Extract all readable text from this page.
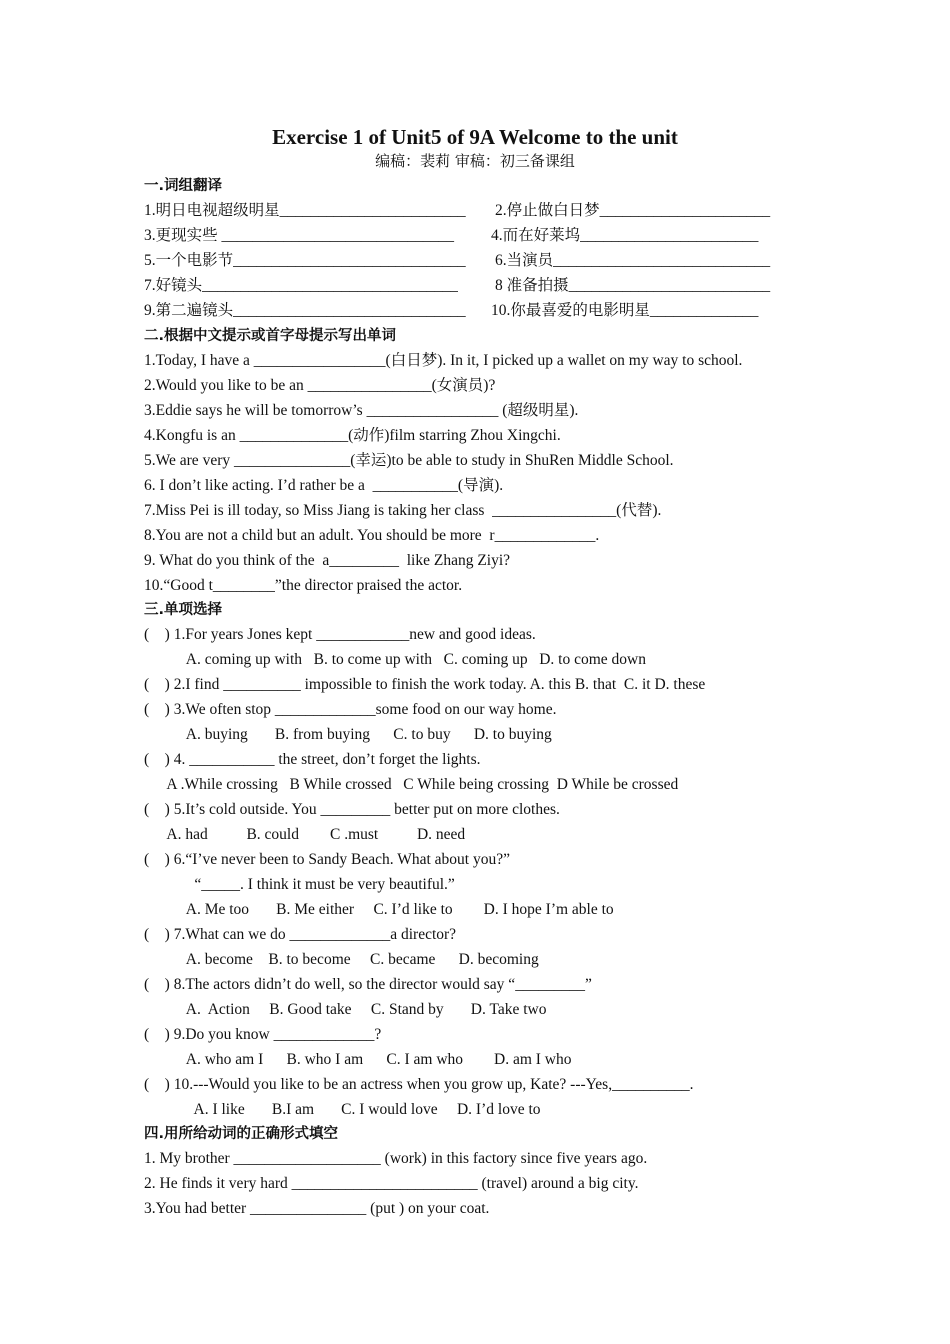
Exercise 1 of Unit5 of 9A Welcome to the unit
编稿：裴莉 审稿：初三备课组
一.词组翻译
1.明日电视超级明星________________________ 2.停止做白日梦______________________
3.更现实些 ______________________________ 4.而在好莱坞_______________________
5.一个电影节______________________________ 6.当演员____________________________
7.好镜头_________________________________ 8 准备拍摄__________________________
9.第二遍镜头______________________________ 10.你最喜爱的电影明星______________
二.根据中文提示或首字母提示写出单词
1.Today, I have a _________________(白日梦). In it, I picked up a wallet on my way to school.
2.Would you like to be an ________________(女演员)?
3.Eddie says he will be tomorrow’s _________________ (超级明星).
4.Kongfu is an ______________(动作)film starring Zhou Xingchi.
5.We are very _______________(幸运)to be able to study in ShuRen Middle School.
6. I don’t like acting. I’d rather be a  ___________(导演).
7.Miss Pei is ill today, so Miss Jiang is taking her class  ________________(代替).
8.You are not a child but an adult. You should be more  r_____________.
9. What do you think of the  a_________  like Zhang Ziyi?
10.“Good t________”the director praised the actor.
三.单项选择
(    ) 1.For years Jones kept ____________new and good ideas.
A. coming up with   B. to come up with   C. coming up   D. to come down
(    ) 2.I find __________ impossible to finish the work today. A. this B. that  C. it D. these
(    ) 3.We often stop _____________some food on our way home.
A. buying       B. from buying      C. to buy      D. to buying
(    ) 4. ___________ the street, don’t forget the lights.
A .While crossing   B While crossed   C While being crossing  D While be crossed
(    ) 5.It’s cold outside. You _________ better put on more clothes.
A. had          B. could        C .must          D. need
(    ) 6.“I’ve never been to Sandy Beach. What about you?”
“_____. I think it must be very beautiful.”
A. Me too       B. Me either     C. I’d like to        D. I hope I’m able to
(    ) 7.What can we do _____________a director?
A. become    B. to become     C. became      D. becoming
(    ) 8.The actors didn’t do well, so the director would say “_________”
A.  Action     B. Good take     C. Stand by       D. Take two
(    ) 9.Do you know _____________?
A. who am I      B. who I am      C. I am who        D. am I who
(    ) 10.---Would you like to be an actress when you grow up, Kate? ---Yes,__________.
A. I like       B.I am       C. I would love     D. I’d love to
四.用所给动词的正确形式填空
1. My brother ___________________ (work) in this factory since five years ago.
2. He finds it very hard ________________________ (travel) around a big city.
3.You had better _______________ (put ) on your coat.
